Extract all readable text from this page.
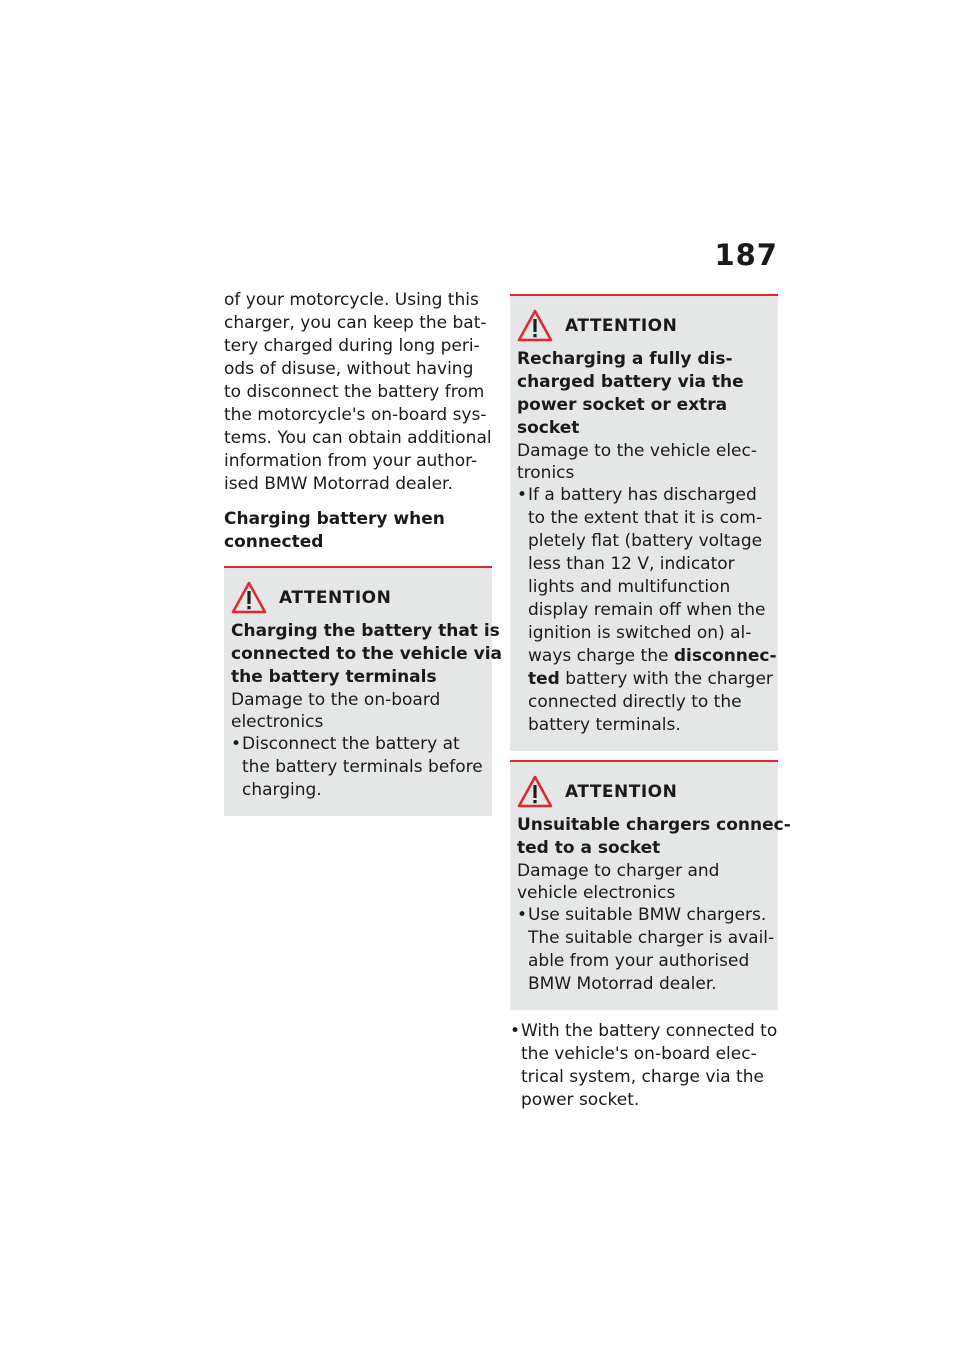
187

of your motorcycle. Using this
charger, you can keep the bat-
tery charged during long peri-
ods of disuse, without having
to disconnect the battery from
the motorcycle's on-board sys-
tems. You can obtain additional
information from your author-
ised BMW Motorrad dealer.

Charging battery when
connected
ATTENTION
Charging the battery that is
connected to the vehicle via
the battery terminals
Damage to the on-board
electronics
• Disconnect the battery at
the battery terminals before
charging.
ATTENTION
Recharging a fully dis-
charged battery via the
power socket or extra
socket
Damage to the vehicle elec-
tronics
• If a battery has discharged
to the extent that it is com-
pletely flat (battery voltage
less than 12 V, indicator
lights and multifunction
display remain off when the
ignition is switched on) al-
ways charge the disconnec-
ted battery with the charger
connected directly to the
battery terminals.
ATTENTION
Unsuitable chargers connec-
ted to a socket
Damage to charger and
vehicle electronics
• Use suitable BMW chargers.
The suitable charger is avail-
able from your authorised
BMW Motorrad dealer.
• With the battery connected to
the vehicle's on-board elec-
trical system, charge via the
power socket.
